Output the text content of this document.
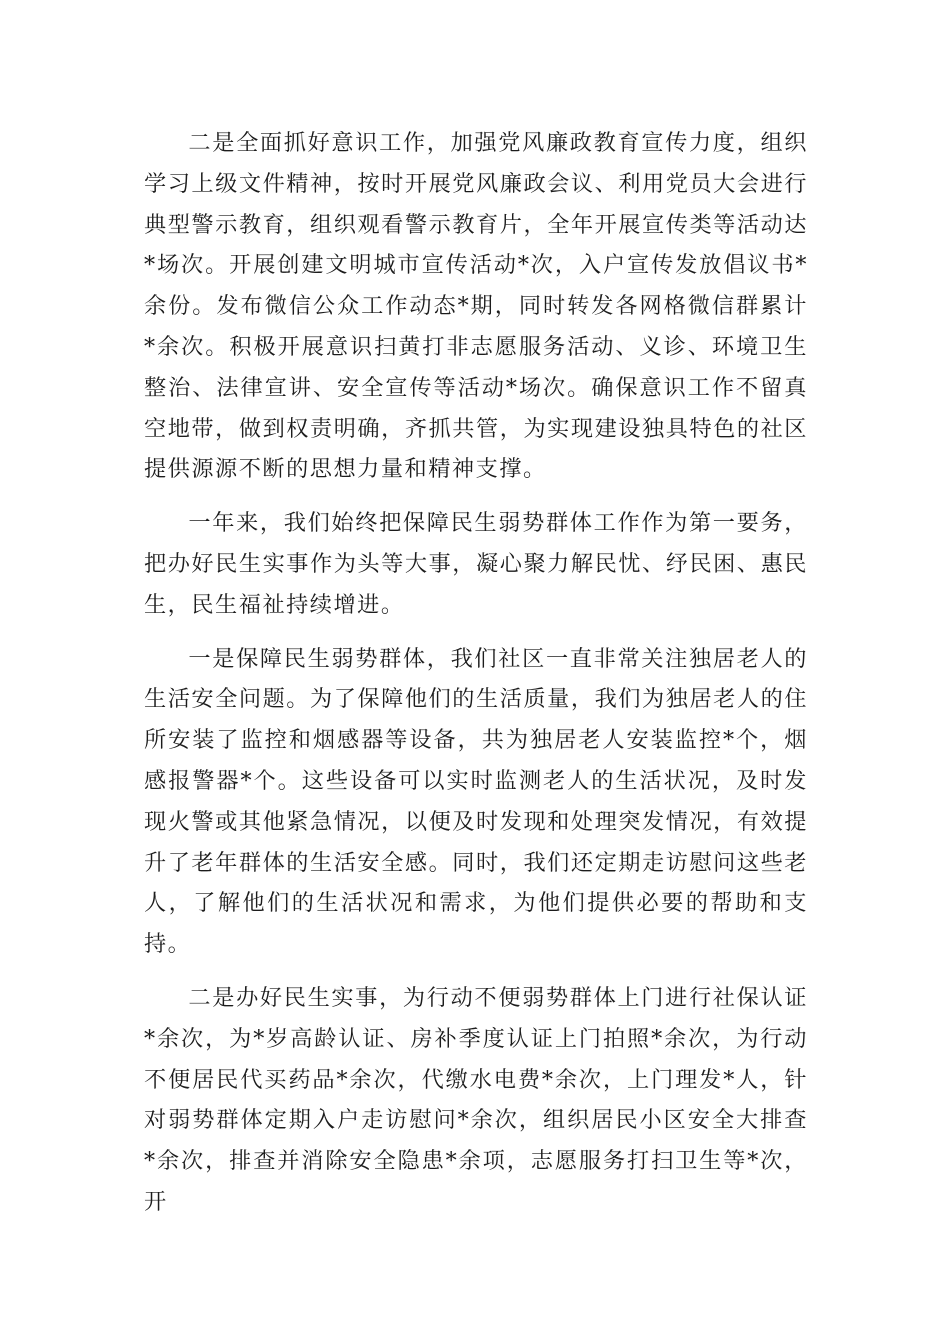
二是全面抓好意识工作，加强党风廉政教育宣传力度，组织学习上级文件精神，按时开展党风廉政会议、利用党员大会进行典型警示教育，组织观看警示教育片，全年开展宣传类等活动达*场次。开展创建文明城市宣传活动*次，入户宣传发放倡议书*余份。发布微信公众工作动态*期，同时转发各网格微信群累计*余次。积极开展意识扫黄打非志愿服务活动、义诊、环境卫生整治、法律宣讲、安全宣传等活动*场次。确保意识工作不留真空地带，做到权责明确，齐抓共管，为实现建设独具特色的社区提供源源不断的思想力量和精神支撑。

一年来，我们始终把保障民生弱势群体工作作为第一要务，把办好民生实事作为头等大事，凝心聚力解民忧、纾民困、惠民生，民生福祉持续增进。

一是保障民生弱势群体，我们社区一直非常关注独居老人的生活安全问题。为了保障他们的生活质量，我们为独居老人的住所安装了监控和烟感器等设备，共为独居老人安装监控*个，烟感报警器*个。这些设备可以实时监测老人的生活状况，及时发现火警或其他紧急情况，以便及时发现和处理突发情况，有效提升了老年群体的生活安全感。同时，我们还定期走访慰问这些老人，了解他们的生活状况和需求，为他们提供必要的帮助和支持。

二是办好民生实事，为行动不便弱势群体上门进行社保认证*余次，为*岁高龄认证、房补季度认证上门拍照*余次，为行动不便居民代买药品*余次，代缴水电费*余次，上门理发*人，针对弱势群体定期入户走访慰问*余次，组织居民小区安全大排查*余次，排查并消除安全隐患*余项，志愿服务打扫卫生等*次，开
